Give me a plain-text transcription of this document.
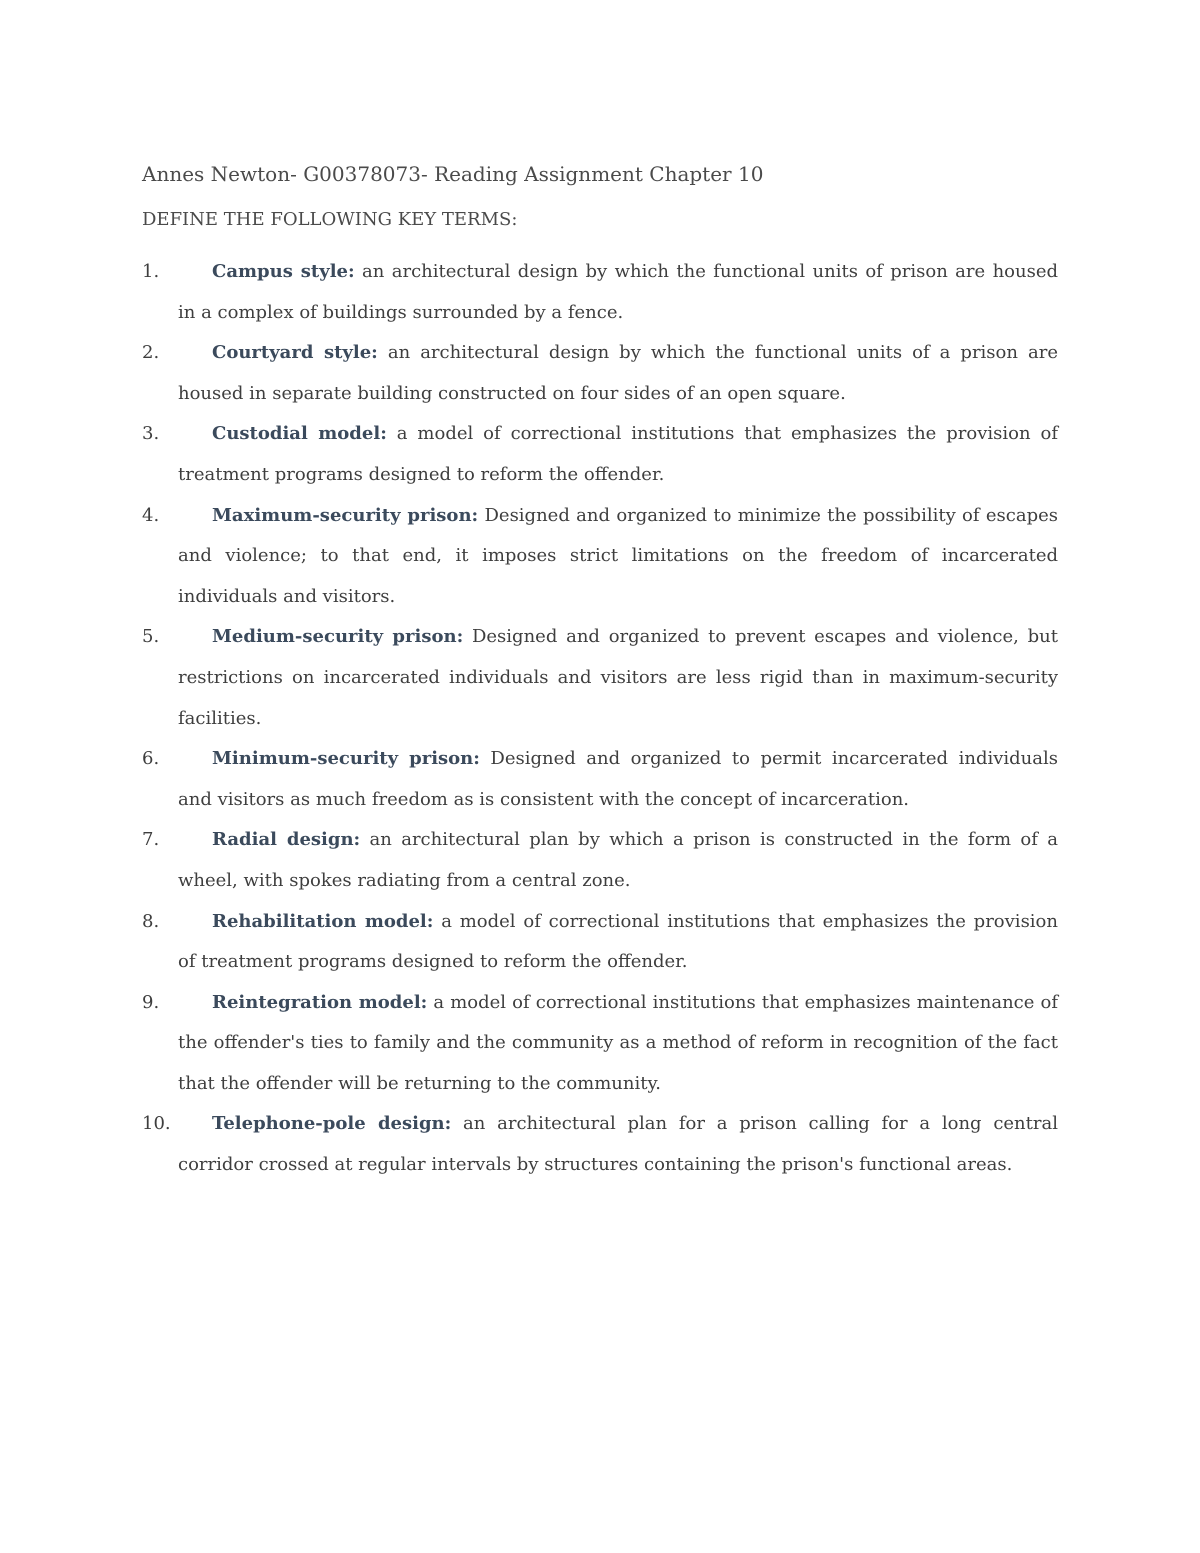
Annes Newton- G00378073- Reading Assignment Chapter 10
DEFINE THE FOLLOWING KEY TERMS:
1.	Campus style: an architectural design by which the functional units of prison are housed in a complex of buildings surrounded by a fence.
2.	Courtyard style: an architectural design by which the functional units of a prison are housed in separate building constructed on four sides of an open square.
3.	Custodial model: a model of correctional institutions that emphasizes the provision of treatment programs designed to reform the offender.
4.	Maximum-security prison: Designed and organized to minimize the possibility of escapes and violence; to that end, it imposes strict limitations on the freedom of incarcerated individuals and visitors.
5.	Medium-security prison: Designed and organized to prevent escapes and violence, but restrictions on incarcerated individuals and visitors are less rigid than in maximum-security facilities.
6.	Minimum-security prison: Designed and organized to permit incarcerated individuals and visitors as much freedom as is consistent with the concept of incarceration.
7.	Radial design: an architectural plan by which a prison is constructed in the form of a wheel, with spokes radiating from a central zone.
8.	Rehabilitation model: a model of correctional institutions that emphasizes the provision of treatment programs designed to reform the offender.
9.	Reintegration model: a model of correctional institutions that emphasizes maintenance of the offender's ties to family and the community as a method of reform in recognition of the fact that the offender will be returning to the community.
10.	Telephone-pole design: an architectural plan for a prison calling for a long central corridor crossed at regular intervals by structures containing the prison's functional areas.
